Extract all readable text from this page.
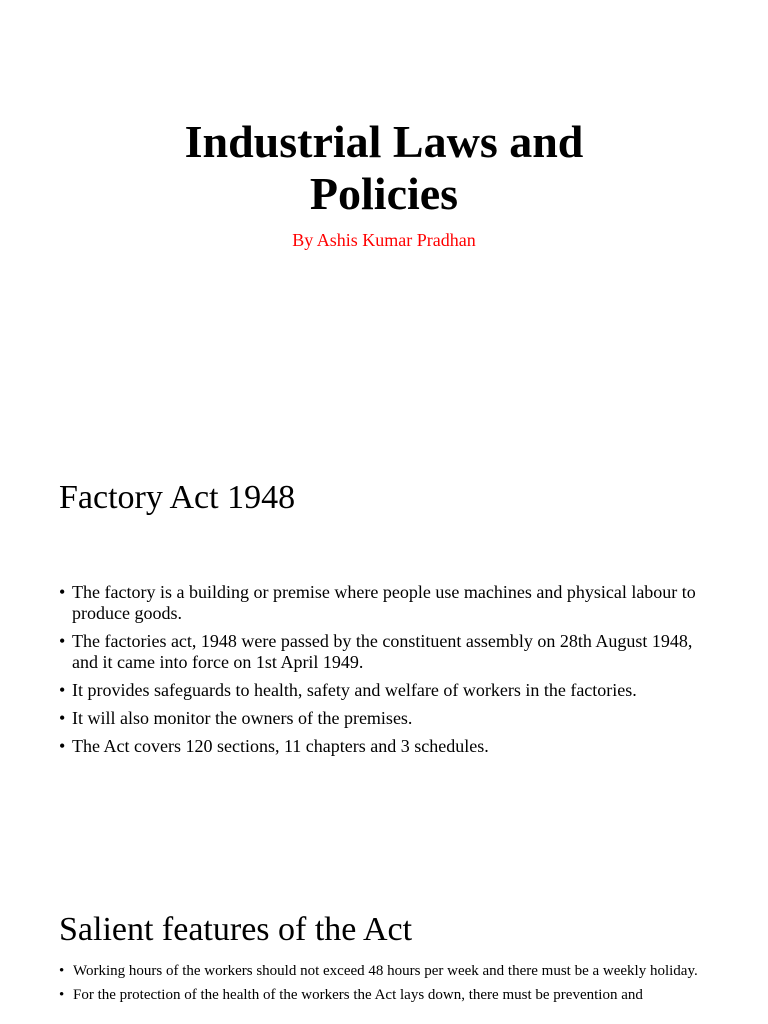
Industrial Laws and
Policies
By Ashis Kumar Pradhan
Factory Act 1948
• The factory is a building or premise where people use machines and physical labour to produce goods.
• The factories act, 1948 were passed by the constituent assembly on 28th August 1948, and it came into force on 1st April 1949.
• It provides safeguards to health, safety and welfare of workers in the factories.
• It will also monitor the owners of the premises.
• The Act covers 120 sections, 11 chapters and 3 schedules.
Salient features of the Act
• Working hours of the workers should not exceed 48 hours per week and there must be a weekly holiday.
• For the protection of the health of the workers the Act lays down, there must be prevention and
